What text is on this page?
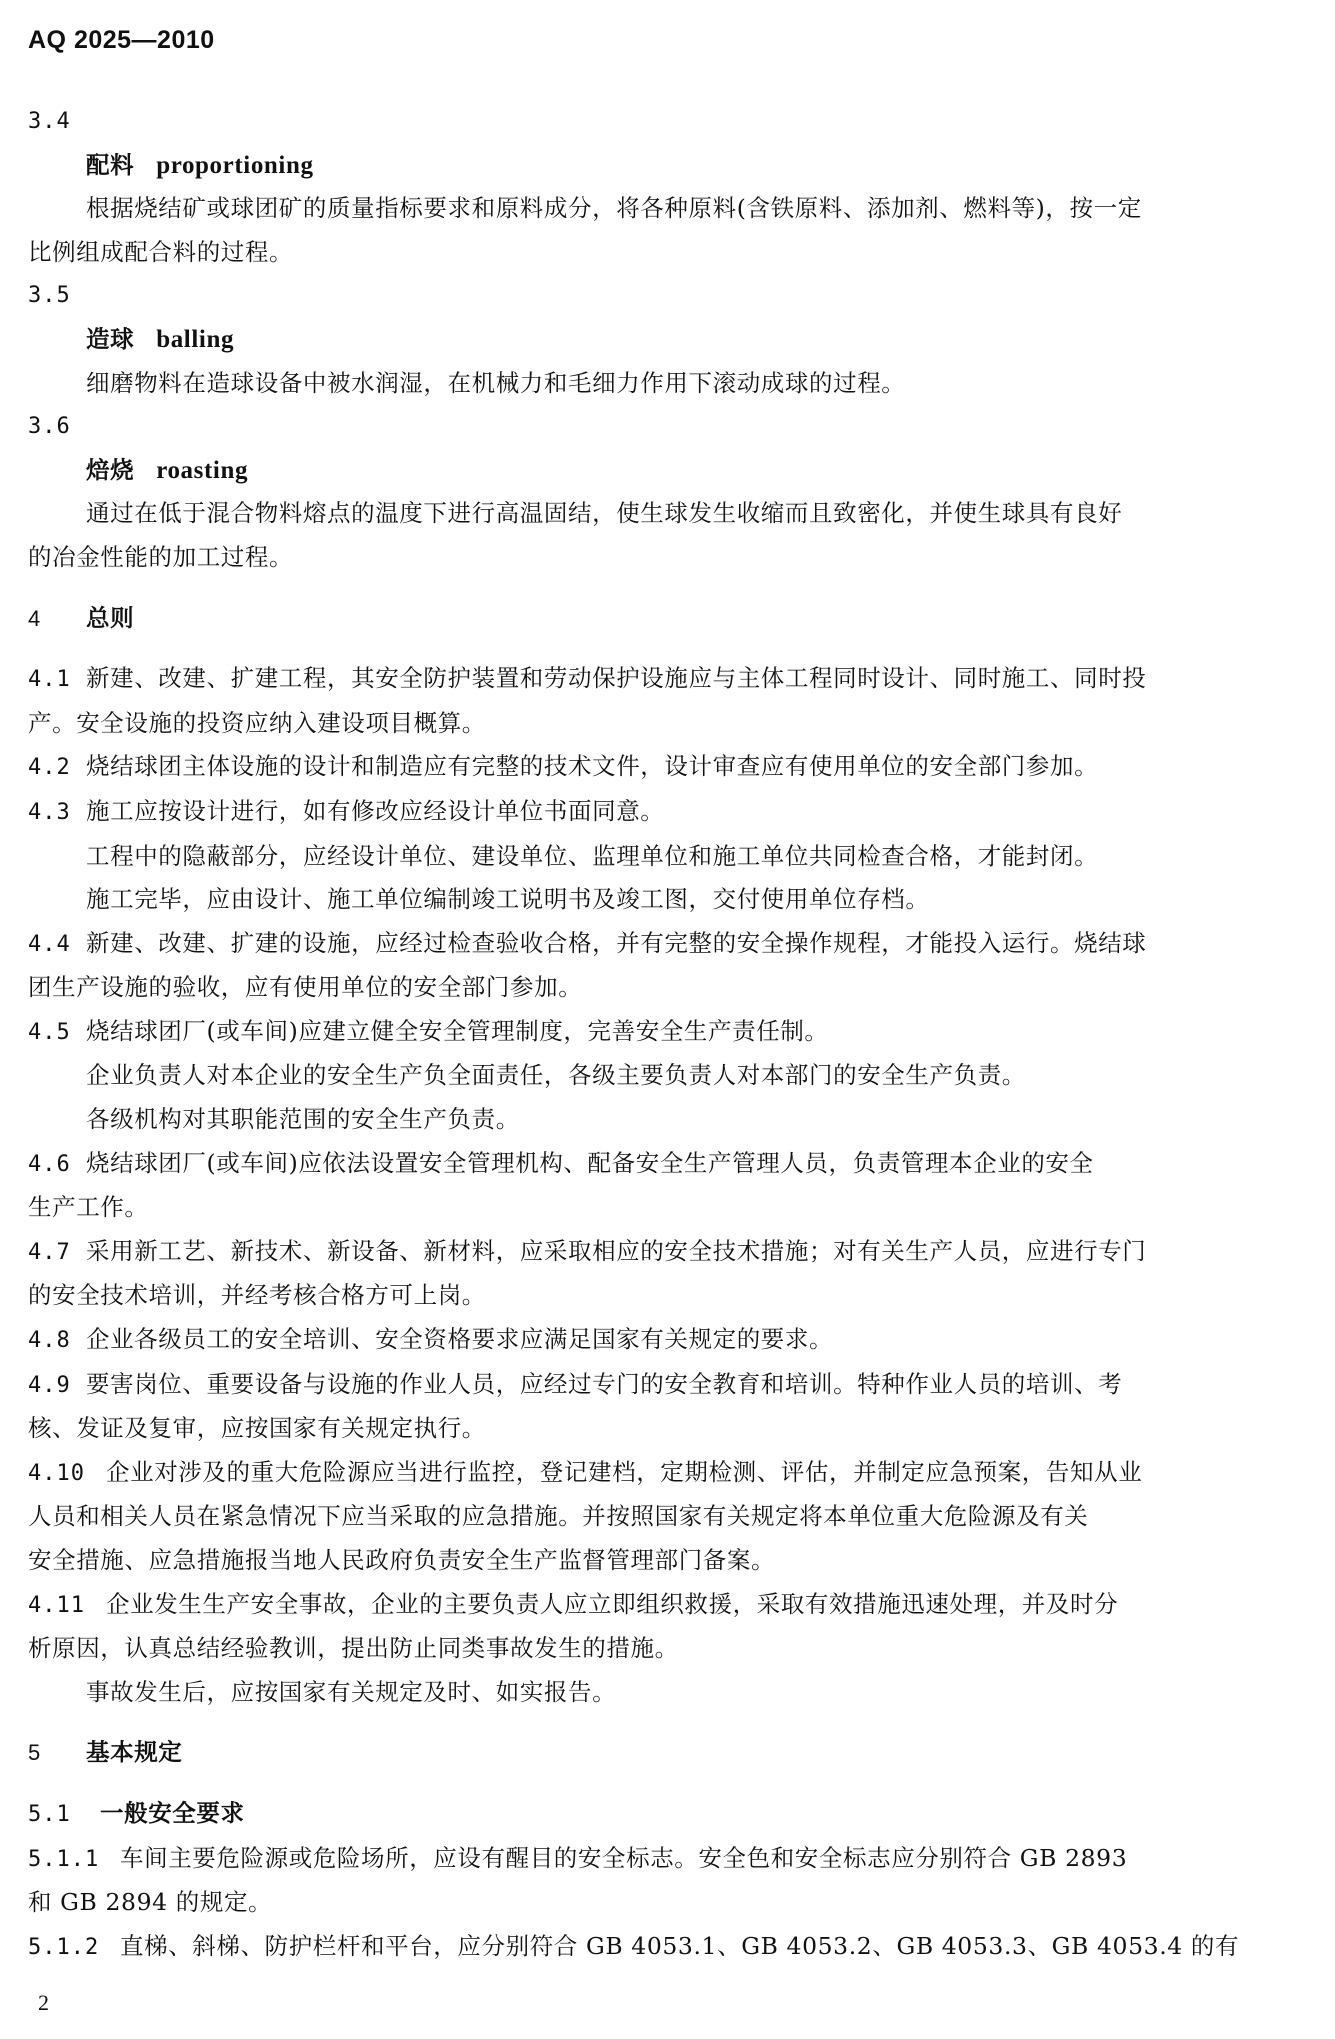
AQ 2025—2010
3.4
配料 proportioning
根据烧结矿或球团矿的质量指标要求和原料成分，将各种原料(含铁原料、添加剂、燃料等)，按一定
比例组成配合料的过程。
3.5
造球 balling
细磨物料在造球设备中被水润湿，在机械力和毛细力作用下滚动成球的过程。
3.6
焙烧 roasting
通过在低于混合物料熔点的温度下进行高温固结，使生球发生收缩而且致密化，并使生球具有良好
的冶金性能的加工过程。
4 总则
4.1 新建、改建、扩建工程，其安全防护装置和劳动保护设施应与主体工程同时设计、同时施工、同时投
产。安全设施的投资应纳入建设项目概算。
4.2 烧结球团主体设施的设计和制造应有完整的技术文件，设计审查应有使用单位的安全部门参加。
4.3 施工应按设计进行，如有修改应经设计单位书面同意。
工程中的隐蔽部分，应经设计单位、建设单位、监理单位和施工单位共同检查合格，才能封闭。
施工完毕，应由设计、施工单位编制竣工说明书及竣工图，交付使用单位存档。
4.4 新建、改建、扩建的设施，应经过检查验收合格，并有完整的安全操作规程，才能投入运行。烧结球
团生产设施的验收，应有使用单位的安全部门参加。
4.5 烧结球团厂(或车间)应建立健全安全管理制度，完善安全生产责任制。
企业负责人对本企业的安全生产负全面责任，各级主要负责人对本部门的安全生产负责。
各级机构对其职能范围的安全生产负责。
4.6 烧结球团厂(或车间)应依法设置安全管理机构、配备安全生产管理人员，负责管理本企业的安全
生产工作。
4.7 采用新工艺、新技术、新设备、新材料，应采取相应的安全技术措施；对有关生产人员，应进行专门
的安全技术培训，并经考核合格方可上岗。
4.8 企业各级员工的安全培训、安全资格要求应满足国家有关规定的要求。
4.9 要害岗位、重要设备与设施的作业人员，应经过专门的安全教育和培训。特种作业人员的培训、考
核、发证及复审，应按国家有关规定执行。
4.10 企业对涉及的重大危险源应当进行监控，登记建档，定期检测、评估，并制定应急预案，告知从业
人员和相关人员在紧急情况下应当采取的应急措施。并按照国家有关规定将本单位重大危险源及有关
安全措施、应急措施报当地人民政府负责安全生产监督管理部门备案。
4.11 企业发生生产安全事故，企业的主要负责人应立即组织救援，采取有效措施迅速处理，并及时分
析原因，认真总结经验教训，提出防止同类事故发生的措施。
事故发生后，应按国家有关规定及时、如实报告。
5 基本规定
5.1 一般安全要求
5.1.1 车间主要危险源或危险场所，应设有醒目的安全标志。安全色和安全标志应分别符合 GB 2893
和 GB 2894 的规定。
5.1.2 直梯、斜梯、防护栏杆和平台，应分别符合 GB 4053.1、GB 4053.2、GB 4053.3、GB 4053.4 的有
2
